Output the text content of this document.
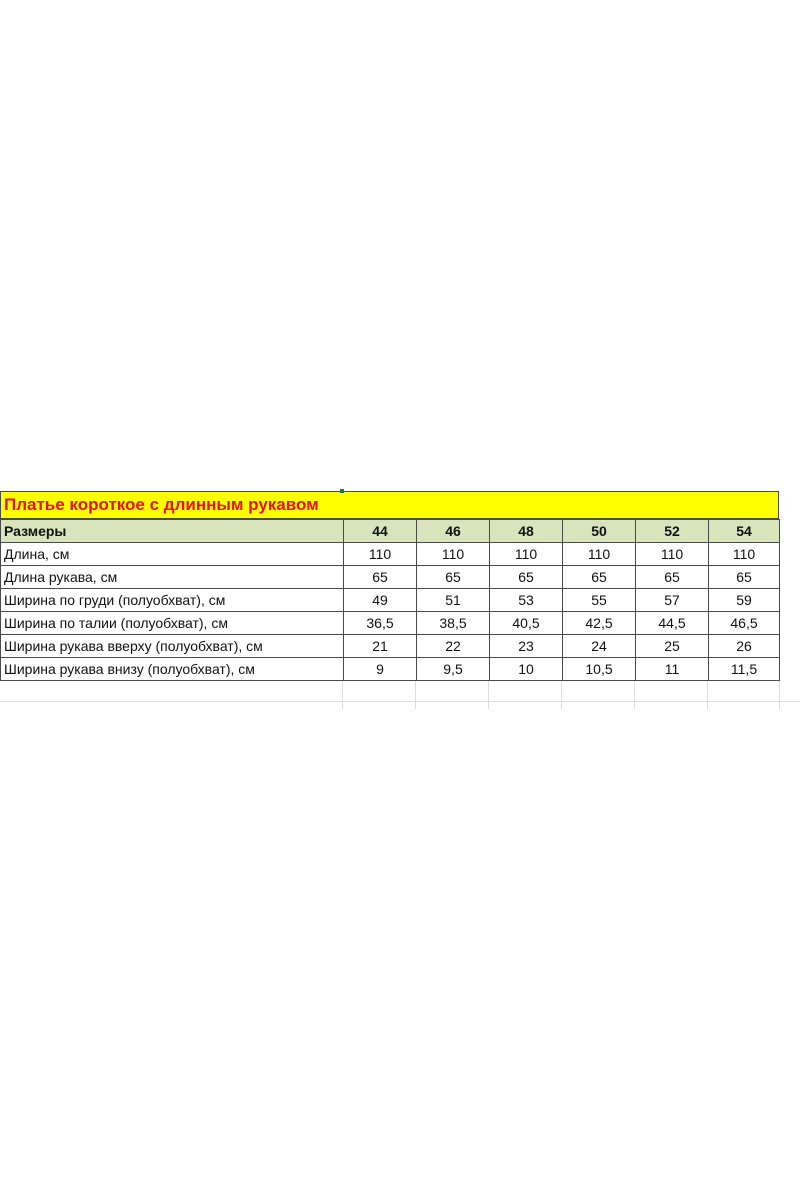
Платье короткое с длинным рукавом
Размеры	44	46	48	50	52	54
Длина, см	110	110	110	110	110	110
Длина рукава, см	65	65	65	65	65	65
Ширина по груди (полуобхват), см	49	51	53	55	57	59
Ширина по талии (полуобхват), см	36,5	38,5	40,5	42,5	44,5	46,5
Ширина рукава вверху (полуобхват), см	21	22	23	24	25	26
Ширина рукава внизу (полуобхват), см	9	9,5	10	10,5	11	11,5
